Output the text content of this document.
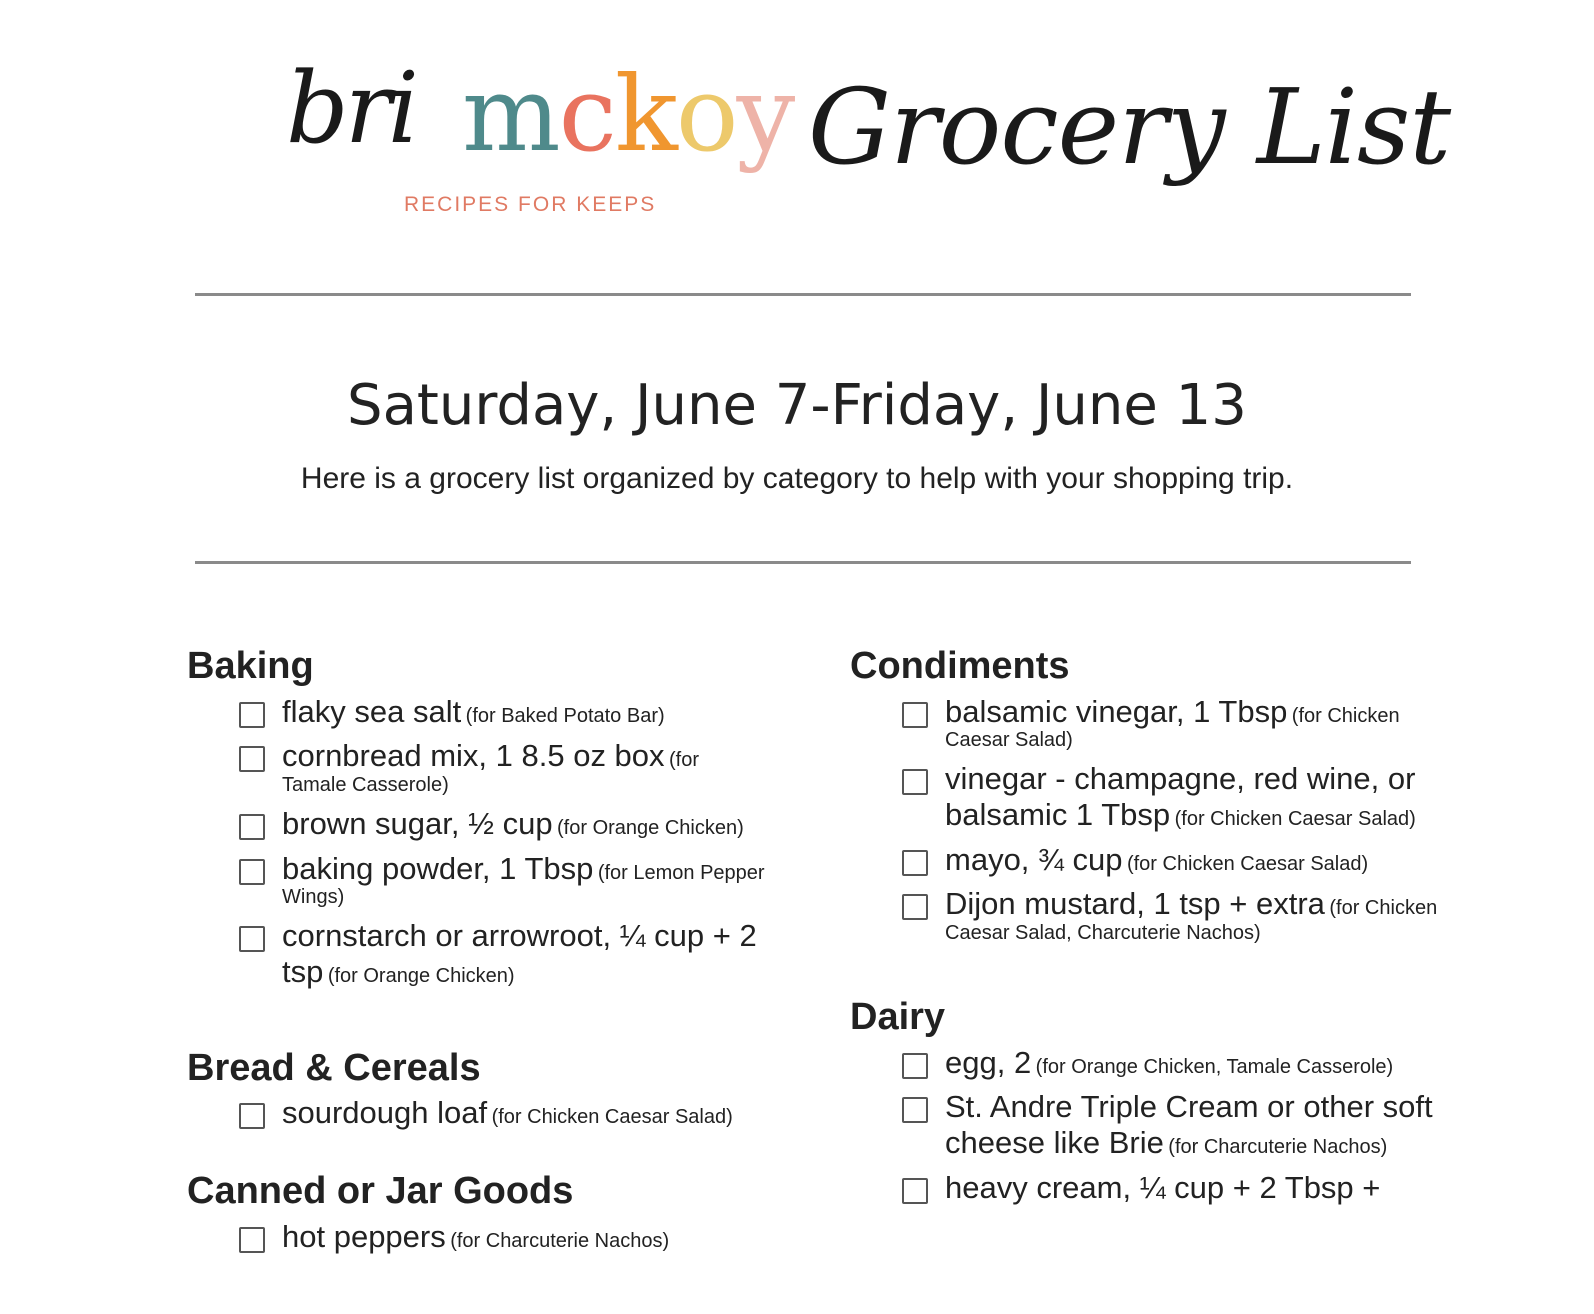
bri mckoy
RECIPES FOR KEEPS
Grocery List
Saturday, June 7-Friday, June 13
Here is a grocery list organized by category to help with your shopping trip.
Baking
flaky sea salt (for Baked Potato Bar)
cornbread mix, 1 8.5 oz box (for Tamale Casserole)
brown sugar, ½ cup (for Orange Chicken)
baking powder, 1 Tbsp (for Lemon Pepper Wings)
cornstarch or arrowroot, ¼ cup + 2 tsp (for Orange Chicken)
Bread & Cereals
sourdough loaf (for Chicken Caesar Salad)
Canned or Jar Goods
hot peppers (for Charcuterie Nachos)
Condiments
balsamic vinegar, 1 Tbsp (for Chicken Caesar Salad)
vinegar - champagne, red wine, or balsamic 1 Tbsp (for Chicken Caesar Salad)
mayo, ¾ cup (for Chicken Caesar Salad)
Dijon mustard, 1 tsp + extra (for Chicken Caesar Salad, Charcuterie Nachos)
Dairy
egg, 2 (for Orange Chicken, Tamale Casserole)
St. Andre Triple Cream or other soft cheese like Brie (for Charcuterie Nachos)
heavy cream, ¼ cup + 2 Tbsp +
